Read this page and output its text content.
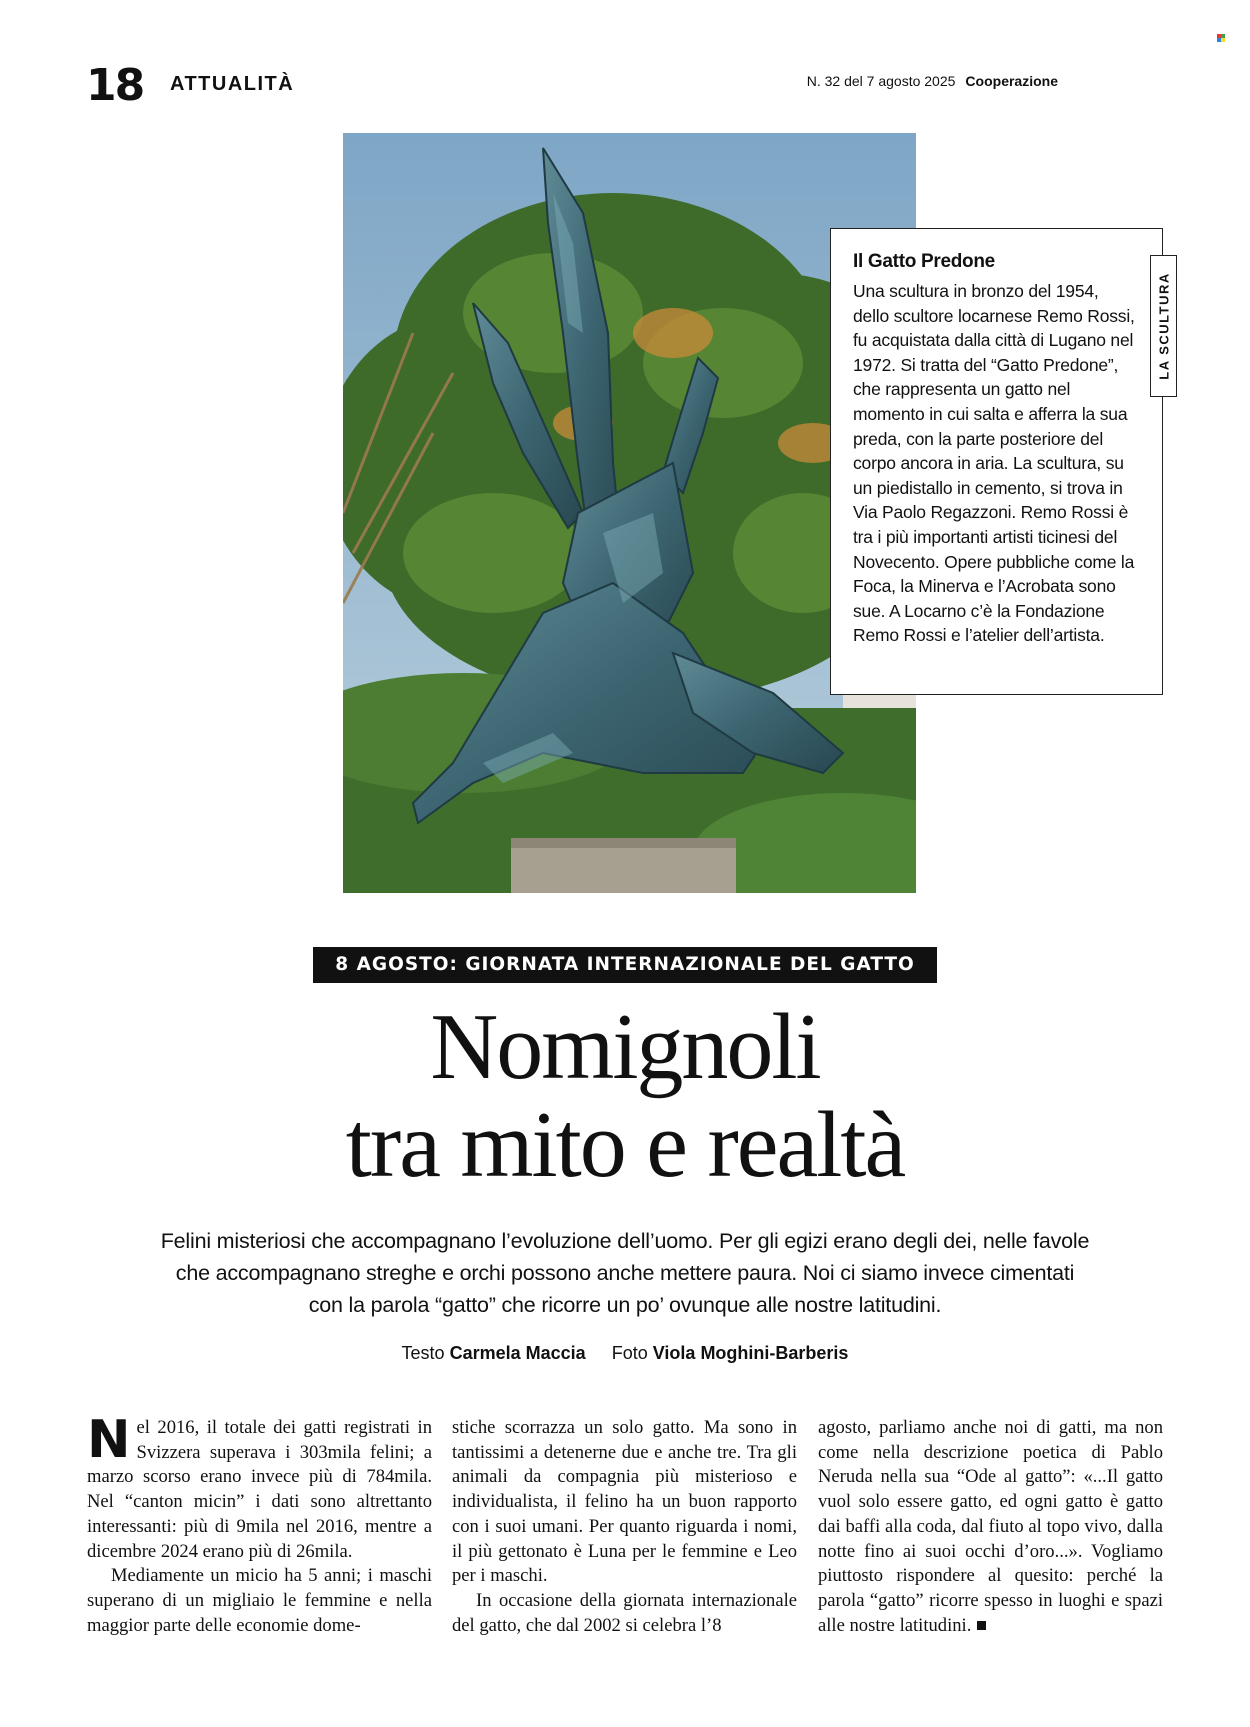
18 ATTUALITÀ	N. 32 del 7 agosto 2025 Cooperazione
Il Gatto Predone

Una scultura in bronzo del 1954, dello scultore locarnese Remo Rossi, fu acquistata dalla città di Lugano nel 1972. Si tratta del “Gatto Predone”, che rappresenta un gatto nel momento in cui salta e afferra la sua preda, con la parte posteriore del corpo ancora in aria. La scultura, su un piedistallo in cemento, si trova in Via Paolo Regazzoni. Remo Rossi è tra i più importanti artisti ticinesi del Novecento. Opere pubbliche come la Foca, la Minerva e l’Acrobata sono sue. A Locarno c’è la Fondazione Remo Rossi e l’atelier dell’artista.

LA SCULTURA
8 AGOSTO: GIORNATA INTERNAZIONALE DEL GATTO
Nomignoli
tra mito e realtà

Felini misteriosi che accompagnano l’evoluzione dell’uomo. Per gli egizi erano degli dei, nelle favole che accompagnano streghe e orchi possono anche mettere paura. Noi ci siamo invece cimentati con la parola “gatto” che ricorre un po’ ovunque alle nostre latitudini.

Testo Carmela Maccia Foto Viola Moghini-Barberis

Nel 2016, il totale dei gatti registrati in Svizzera superava i 303mila felini; a marzo scorso erano invece più di 784mila. Nel “canton micin” i dati sono altrettanto interessanti: più di 9mila nel 2016, mentre a dicembre 2024 erano più di 26mila.

Mediamente un micio ha 5 anni; i maschi superano di un migliaio le femmine e nella maggior parte delle economie dome-

stiche scorrazza un solo gatto. Ma sono in tantissimi a detenerne due e anche tre. Tra gli animali da compagnia più misterioso e individualista, il felino ha un buon rapporto con i suoi umani. Per quanto riguarda i nomi, il più gettonato è Luna per le femmine e Leo per i maschi.

In occasione della giornata internazionale del gatto, che dal 2002 si celebra l’8

agosto, parliamo anche noi di gatti, ma non come nella descrizione poetica di Pablo Neruda nella sua “Ode al gatto”: «...Il gatto vuol solo essere gatto, ed ogni gatto è gatto dai baffi alla coda, dal fiuto al topo vivo, dalla notte fino ai suoi occhi d’oro...». Vogliamo piuttosto rispondere al quesito: perché la parola “gatto” ricorre spesso in luoghi e spazi alle nostre latitudini.
